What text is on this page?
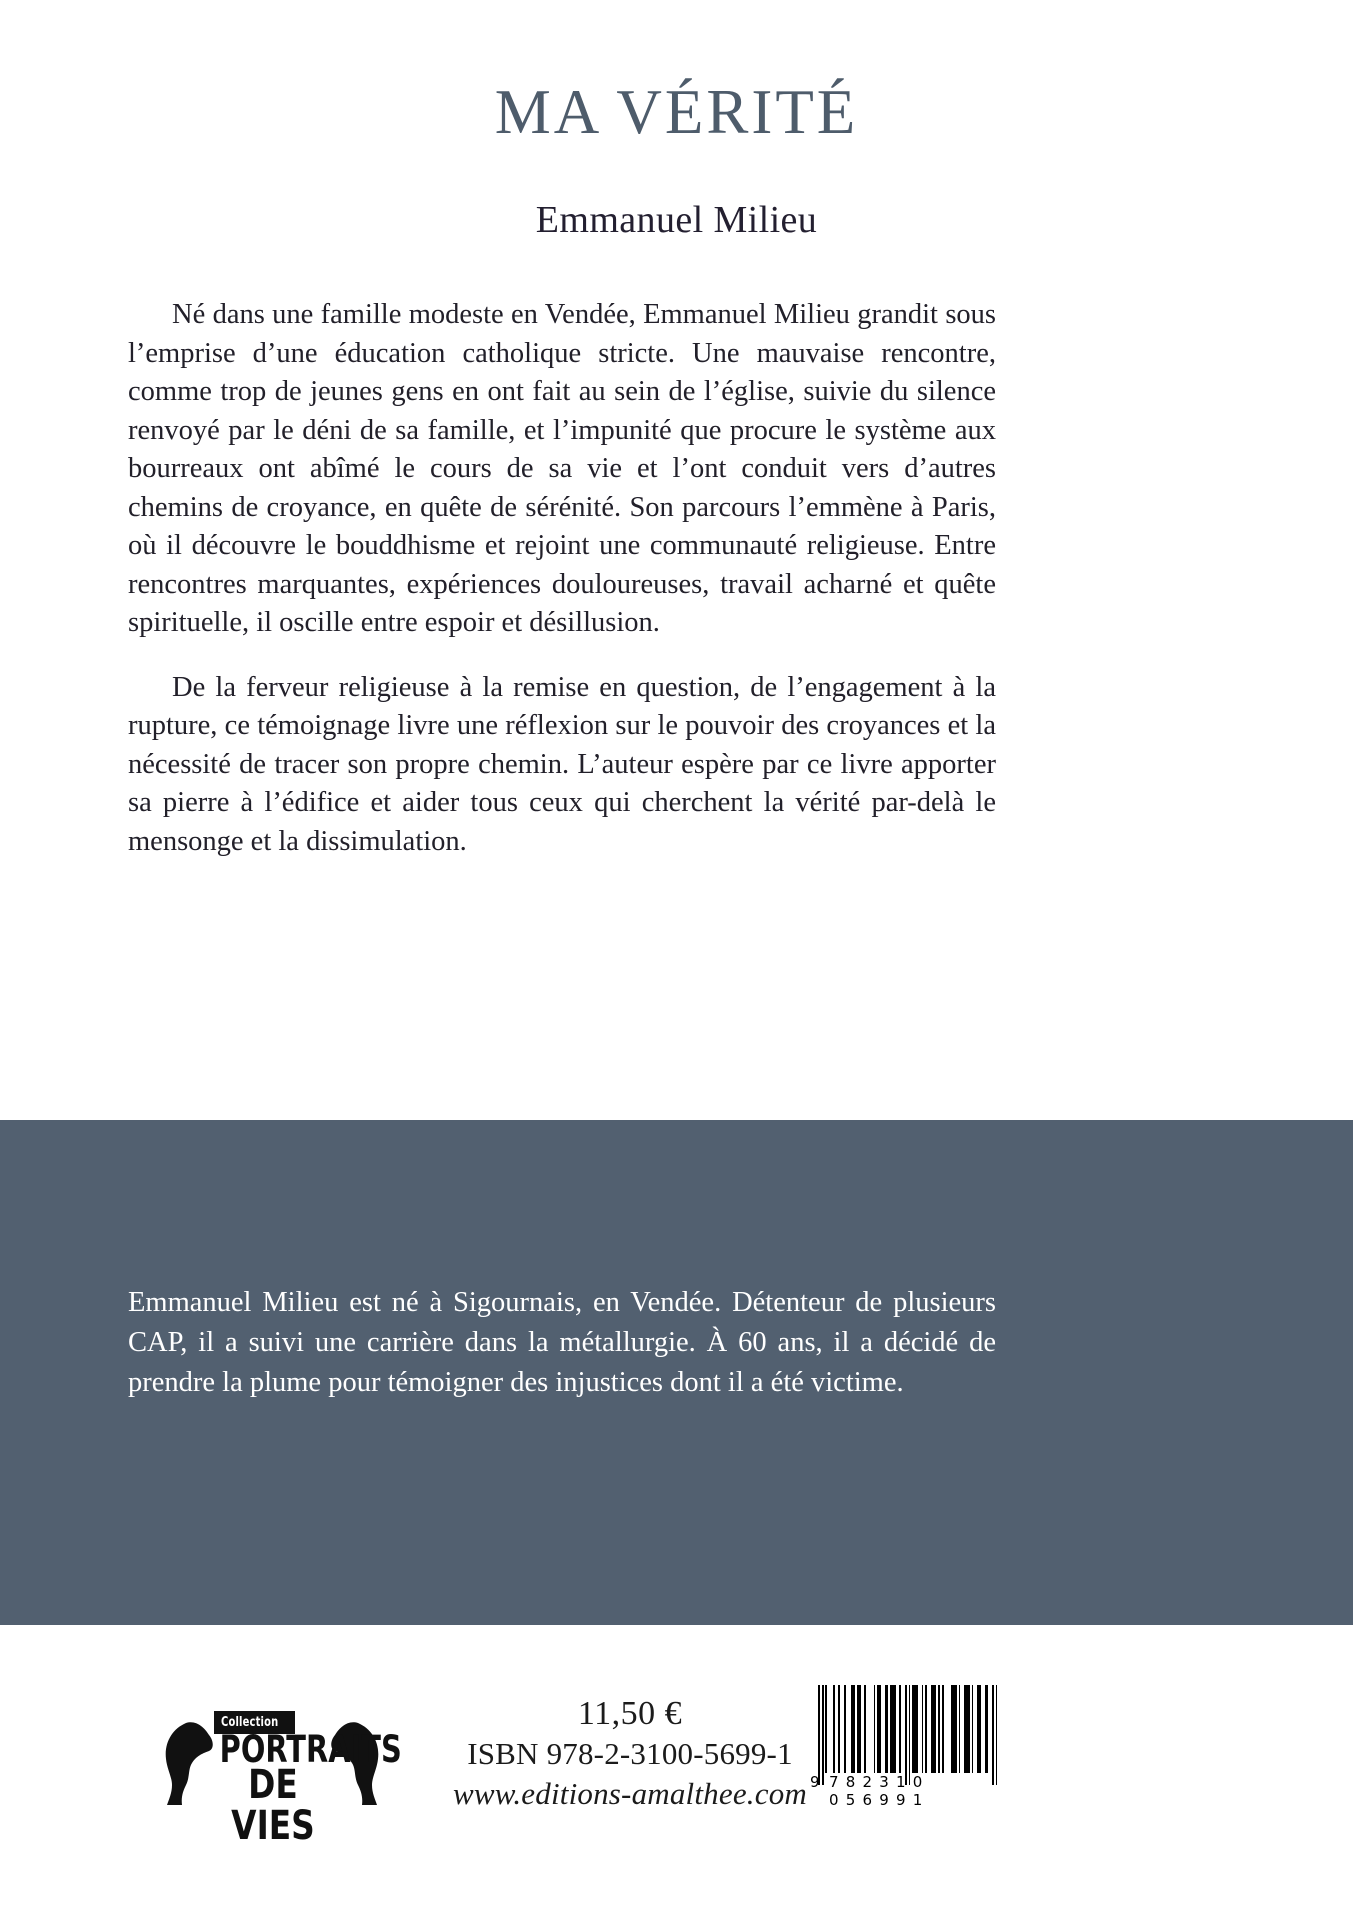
MA VÉRITÉ
Emmanuel Milieu

Né dans une famille modeste en Vendée, Emmanuel Milieu grandit sous l’emprise d’une éducation catholique stricte. Une mauvaise rencontre, comme trop de jeunes gens en ont fait au sein de l’église, suivie du silence renvoyé par le déni de sa famille, et l’impunité que procure le système aux bourreaux ont abîmé le cours de sa vie et l’ont conduit vers d’autres chemins de croyance, en quête de sérénité. Son parcours l’emmène à Paris, où il découvre le bouddhisme et rejoint une communauté religieuse. Entre rencontres marquantes, expériences douloureuses, travail acharné et quête spirituelle, il oscille entre espoir et désillusion.

De la ferveur religieuse à la remise en question, de l’engagement à la rupture, ce témoignage livre une réflexion sur le pouvoir des croyances et la nécessité de tracer son propre chemin. L’auteur espère par ce livre apporter sa pierre à l’édifice et aider tous ceux qui cherchent la vérité par-delà le mensonge et la dissimulation.

Emmanuel Milieu est né à Sigournais, en Vendée. Détenteur de plusieurs CAP, il a suivi une carrière dans la métallurgie. À 60 ans, il a décidé de prendre la plume pour témoigner des injustices dont il a été victime.
Collection
PORTRAITS
DE VIES
11,50 €
ISBN 978-2-3100-5699-1
www.editions-amalthee.com 9 782310 056991
